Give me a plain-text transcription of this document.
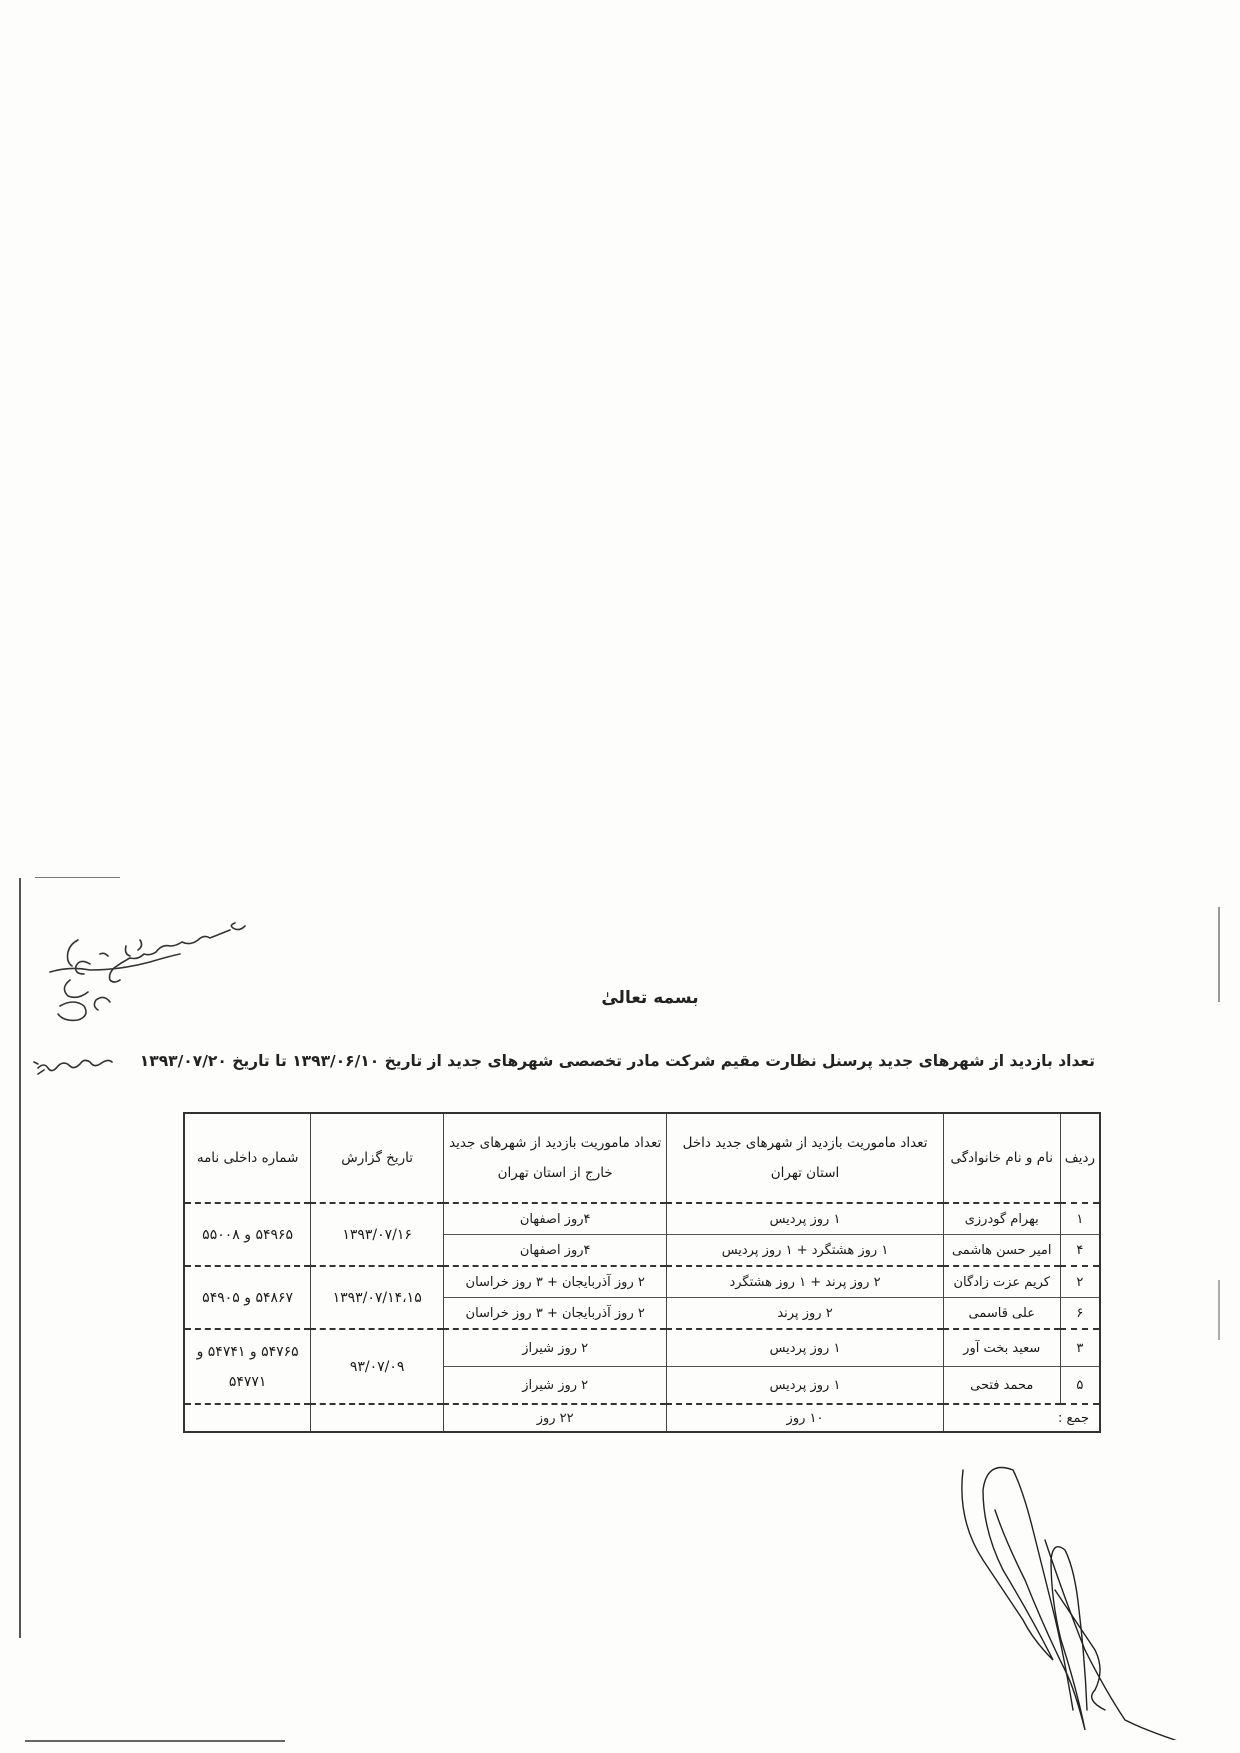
بسمه تعالیٰ
تعداد بازدید از شهرهای جدید پرسنل نظارت مقیم شرکت مادر تخصصی شهرهای جدید از تاریخ ۱۳۹۳/۰۶/۱۰ تا تاریخ ۱۳۹۳/۰۷/۲۰
ردیف	نام و نام خانوادگی	تعداد ماموریت بازدید از شهرهای جدید داخل استان تهران	تعداد ماموریت بازدید از شهرهای جدید خارج از استان تهران	تاریخ گزارش	شماره داخلی نامه
۱	بهرام گودرزی	۱ روز پردیس	۴روز اصفهان	۱۳۹۳/۰۷/۱۶	۵۴۹۶۵ و ۵۵۰۰۸
۴	امیر حسن هاشمی	۱ روز هشتگرد + ۱ روز پردیس	۴روز اصفهان		
۲	کریم عزت زادگان	۲ روز پرند + ۱ روز هشتگرد	۲ روز آذربایجان + ۳ روز خراسان	۱۳۹۳/۰۷/۱۴،۱۵	۵۴۸۶۷ و ۵۴۹۰۵
۶	علی قاسمی	۲ روز پرند	۲ روز آذربایجان + ۳ روز خراسان		
۳	سعید بخت آور	۱ روز پردیس	۲ روز شیراز	۹۳/۰۷/۰۹	۵۴۷۶۵ و ۵۴۷۴۱ و ۵۴۷۷۱
۵	محمد فتحی	۱ روز پردیس	۲ روز شیراز		
جمع :		۱۰ روز	۲۲ روز		
